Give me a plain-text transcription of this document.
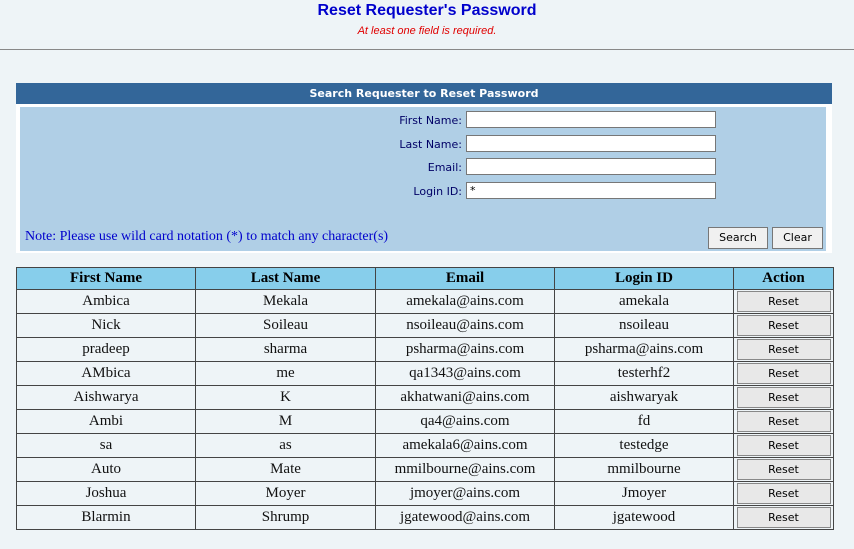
Reset Requester's Password
At least one field is required.
Search Requester to Reset Password
First Name:
Last Name:
Email:
Login ID:
*
Note: Please use wild card notation (*) to match any character(s)	Search	Clear
First Name	Last Name	Email	Login ID	Action
Ambica	Mekala	amekala@ains.com	amekala	Reset
Nick	Soileau	nsoileau@ains.com	nsoileau	Reset
pradeep	sharma	psharma@ains.com	psharma@ains.com	Reset
AMbica	me	qa1343@ains.com	testerhf2	Reset
Aishwarya	K	akhatwani@ains.com	aishwaryak	Reset
Ambi	M	qa4@ains.com	fd	Reset
sa	as	amekala6@ains.com	testedge	Reset
Auto	Mate	mmilbourne@ains.com	mmilbourne	Reset
Joshua	Moyer	jmoyer@ains.com	Jmoyer	Reset
Blarmin	Shrump	jgatewood@ains.com	jgatewood	Reset
